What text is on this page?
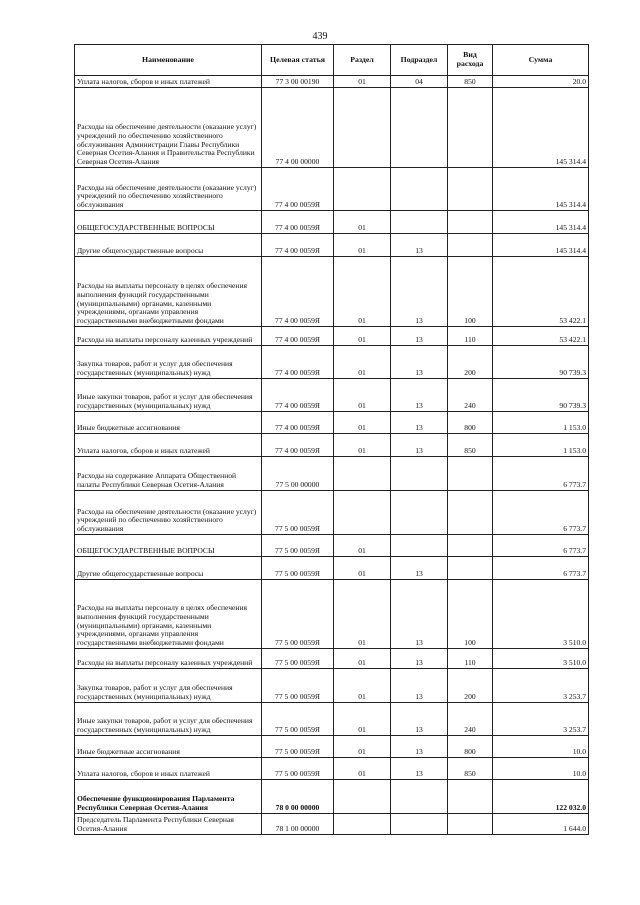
439
Наименование	Целевая статья	Раздел	Подраздел	Вид расхода	Сумма
Уплата налогов, сборов и иных платежей	77 3 00 00190	01	04	850	20.0
Расходы на обеспечение деятельности (оказание услуг) учреждений по обеспечению хозяйственного обслуживания Администрации Главы Республики Северная Осетия-Алания и Правительства Республики Северная Осетия-Алания	77 4 00 00000				145 314.4
Расходы на обеспечение деятельности (оказание услуг) учреждений по обеспечению хозяйственного обслуживания	77 4 00 0059Я				145 314.4
ОБЩЕГОСУДАРСТВЕННЫЕ ВОПРОСЫ	77 4 00 0059Я	01			145 314.4
Другие общегосударственные вопросы	77 4 00 0059Я	01	13		145 314.4
Расходы на выплаты персоналу в целях обеспечения выполнения функций государственными (муниципальными) органами, казенными учреждениями, органами управления государственными внебюджетными фондами	77 4 00 0059Я	01	13	100	53 422.1
Расходы на выплаты персоналу казенных учреждений	77 4 00 0059Я	01	13	110	53 422.1
Закупка товаров, работ и услуг для обеспечения государственных (муниципальных) нужд	77 4 00 0059Я	01	13	200	90 739.3
Иные закупки товаров, работ и услуг для обеспечения государственных (муниципальных) нужд	77 4 00 0059Я	01	13	240	90 739.3
Иные бюджетные ассигнования	77 4 00 0059Я	01	13	800	1 153.0
Уплата налогов, сборов и иных платежей	77 4 00 0059Я	01	13	850	1 153.0
Расходы на содержание Аппарата Общественной палаты Республики Северная Осетия-Алания	77 5 00 00000				6 773.7
Расходы на обеспечение деятельности (оказание услуг) учреждений по обеспечению хозяйственного обслуживания	77 5 00 0059Я				6 773.7
ОБЩЕГОСУДАРСТВЕННЫЕ ВОПРОСЫ	77 5 00 0059Я	01			6 773.7
Другие общегосударственные вопросы	77 5 00 0059Я	01	13		6 773.7
Расходы на выплаты персоналу в целях обеспечения выполнения функций государственными (муниципальными) органами, казенными учреждениями, органами управления государственными внебюджетными фондами	77 5 00 0059Я	01	13	100	3 510.0
Расходы на выплаты персоналу казенных учреждений	77 5 00 0059Я	01	13	110	3 510.0
Закупка товаров, работ и услуг для обеспечения государственных (муниципальных) нужд	77 5 00 0059Я	01	13	200	3 253.7
Иные закупки товаров, работ и услуг для обеспечения государственных (муниципальных) нужд	77 5 00 0059Я	01	13	240	3 253.7
Иные бюджетные ассигнования	77 5 00 0059Я	01	13	800	10.0
Уплата налогов, сборов и иных платежей	77 5 00 0059Я	01	13	850	10.0
Обеспечение функционирования Парламента Республики Северная Осетия-Алания	78 0 00 00000				122 032.0
Председатель Парламента Республики Северная Осетия-Алания	78 1 00 00000				1 644.0
